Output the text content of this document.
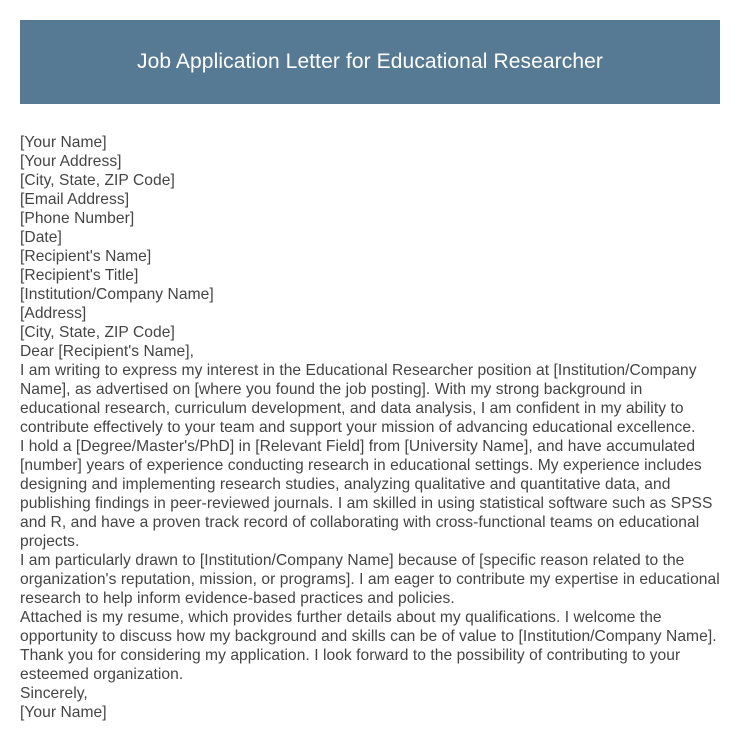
Job Application Letter for Educational Researcher

[Your Name]

[Your Address]

[City, State, ZIP Code]

[Email Address]

[Phone Number]

[Date]

[Recipient's Name]

[Recipient's Title]

[Institution/Company Name]

[Address]

[City, State, ZIP Code]

Dear [Recipient's Name],

I am writing to express my interest in the Educational Researcher position at [Institution/Company Name], as advertised on [where you found the job posting]. With my strong background in educational research, curriculum development, and data analysis, I am confident in my ability to contribute effectively to your team and support your mission of advancing educational excellence.

I hold a [Degree/Master's/PhD] in [Relevant Field] from [University Name], and have accumulated [number] years of experience conducting research in educational settings. My experience includes designing and implementing research studies, analyzing qualitative and quantitative data, and publishing findings in peer-reviewed journals. I am skilled in using statistical software such as SPSS and R, and have a proven track record of collaborating with cross-functional teams on educational projects.

I am particularly drawn to [Institution/Company Name] because of [specific reason related to the organization's reputation, mission, or programs]. I am eager to contribute my expertise in educational research to help inform evidence-based practices and policies.

Attached is my resume, which provides further details about my qualifications. I welcome the opportunity to discuss how my background and skills can be of value to [Institution/Company Name]. Thank you for considering my application. I look forward to the possibility of contributing to your esteemed organization.

Sincerely,

[Your Name]
